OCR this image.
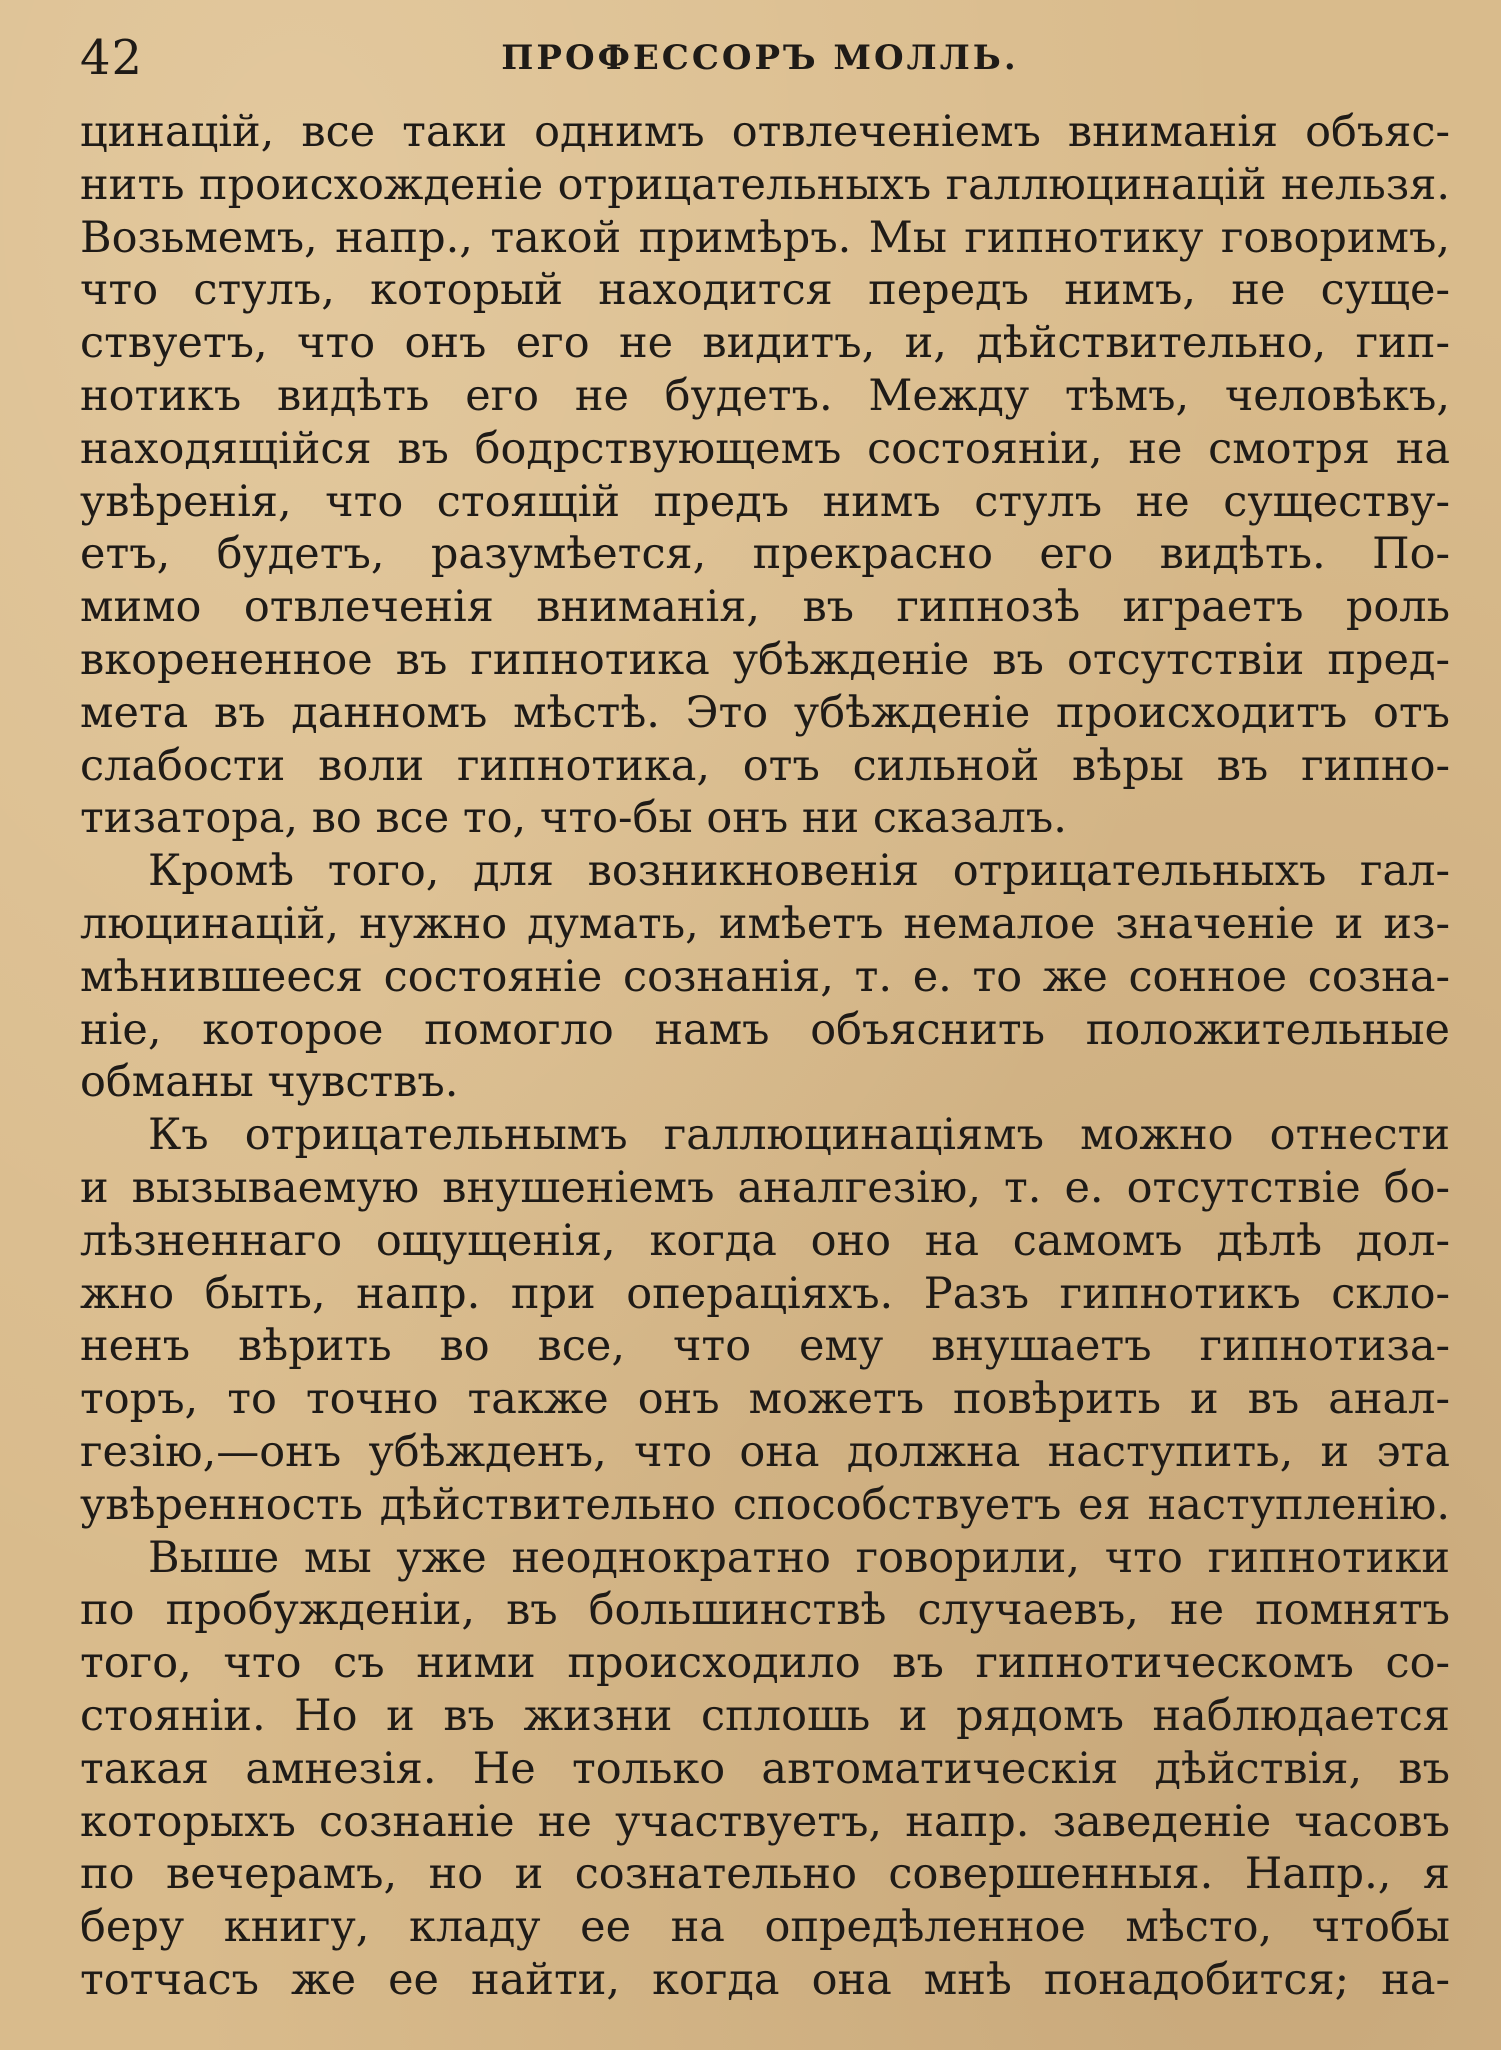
42	ПРОФЕССОРЪ МОЛЛЬ.
цинацій, все таки однимъ отвлеченіемъ вниманія объяс-
нить происхожденіе отрицательныхъ галлюцинацій нельзя.
Возьмемъ, напр., такой примѣръ. Мы гипнотику говоримъ,
что стулъ, который находится передъ нимъ, не суще-
ствуетъ, что онъ его не видитъ, и, дѣйствительно, гип-
нотикъ видѣть его не будетъ. Между тѣмъ, человѣкъ,
находящійся въ бодрствующемъ состояніи, не смотря на
увѣренія, что стоящій предъ нимъ стулъ не существу-
етъ, будетъ, разумѣется, прекрасно его видѣть. По-
мимо отвлеченія вниманія, въ гипнозѣ играетъ роль
вкорененное въ гипнотика убѣжденіе въ отсутствіи пред-
мета въ данномъ мѣстѣ. Это убѣжденіе происходитъ отъ
слабости воли гипнотика, отъ сильной вѣры въ гипно-
тизатора, во все то, что-бы онъ ни сказалъ.
Кромѣ того, для возникновенія отрицательныхъ гал-
люцинацій, нужно думать, имѣетъ немалое значеніе и из-
мѣнившееся состояніе сознанія, т. е. то же сонное созна-
ніе, которое помогло намъ объяснить положительные
обманы чувствъ.
Къ отрицательнымъ галлюцинаціямъ можно отнести
и вызываемую внушеніемъ аналгезію, т. е. отсутствіе бо-
лѣзненнаго ощущенія, когда оно на самомъ дѣлѣ дол-
жно быть, напр. при операціяхъ. Разъ гипнотикъ скло-
ненъ вѣрить во все, что ему внушаетъ гипнотиза-
торъ, то точно также онъ можетъ повѣрить и въ анал-
гезію,—онъ убѣжденъ, что она должна наступить, и эта
увѣренность дѣйствительно способствуетъ ея наступленію.
Выше мы уже неоднократно говорили, что гипнотики
по пробужденіи, въ большинствѣ случаевъ, не помнятъ
того, что съ ними происходило въ гипнотическомъ со-
стояніи. Но и въ жизни сплошь и рядомъ наблюдается
такая амнезія. Не только автоматическія дѣйствія, въ
которыхъ сознаніе не участвуетъ, напр. заведеніе часовъ
по вечерамъ, но и сознательно совершенныя. Напр., я
беру книгу, кладу ее на опредѣленное мѣсто, чтобы
тотчасъ же ее найти, когда она мнѣ понадобится; на-
